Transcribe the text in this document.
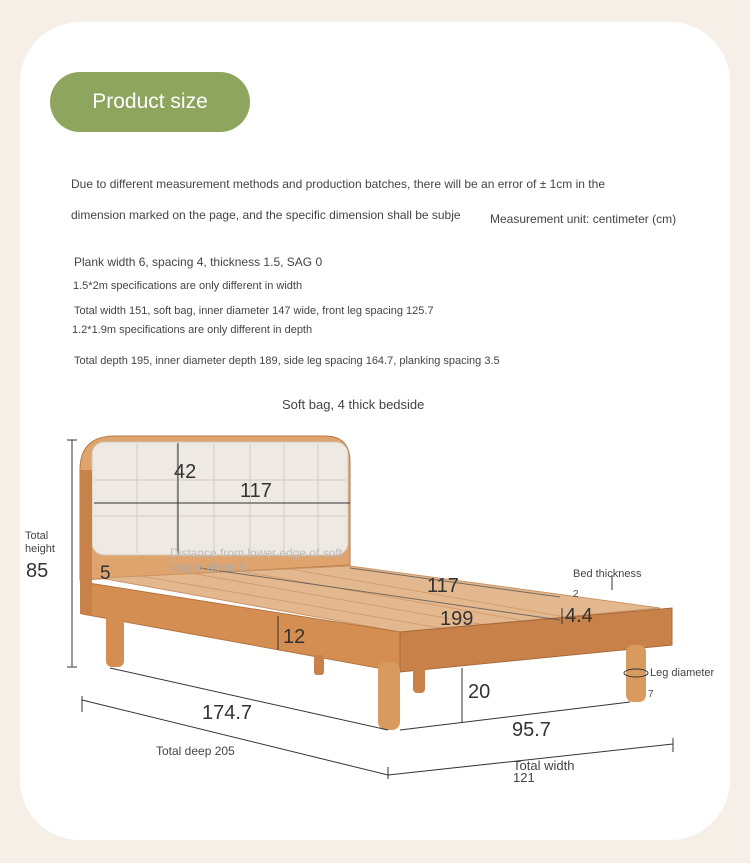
Product size
Due to different measurement methods and production batches, there will be an error of ± 1cm in the
dimension marked on the page, and the specific dimension shall be subje Measurement unit: centimeter (cm)
Plank width 6, spacing 4, thickness 1.5, SAG 0
1.5*2m specifications are only different in width
Total width 151, soft bag, inner diameter 147 wide, front leg spacing 125.7
1.2*1.9m specifications are only different in depth
Total depth 195, inner diameter depth 189, side leg spacing 164.7, planking spacing 3.5
Soft bag, 4 thick bedside
42
117
Total
height
85	5
Distance from lower edge of soft
bag to plank 9
117
199
Bed thickness
2
4.4
12
20
Leg diameter
7
174.7
95.7
Total deep 205
Total width
121
